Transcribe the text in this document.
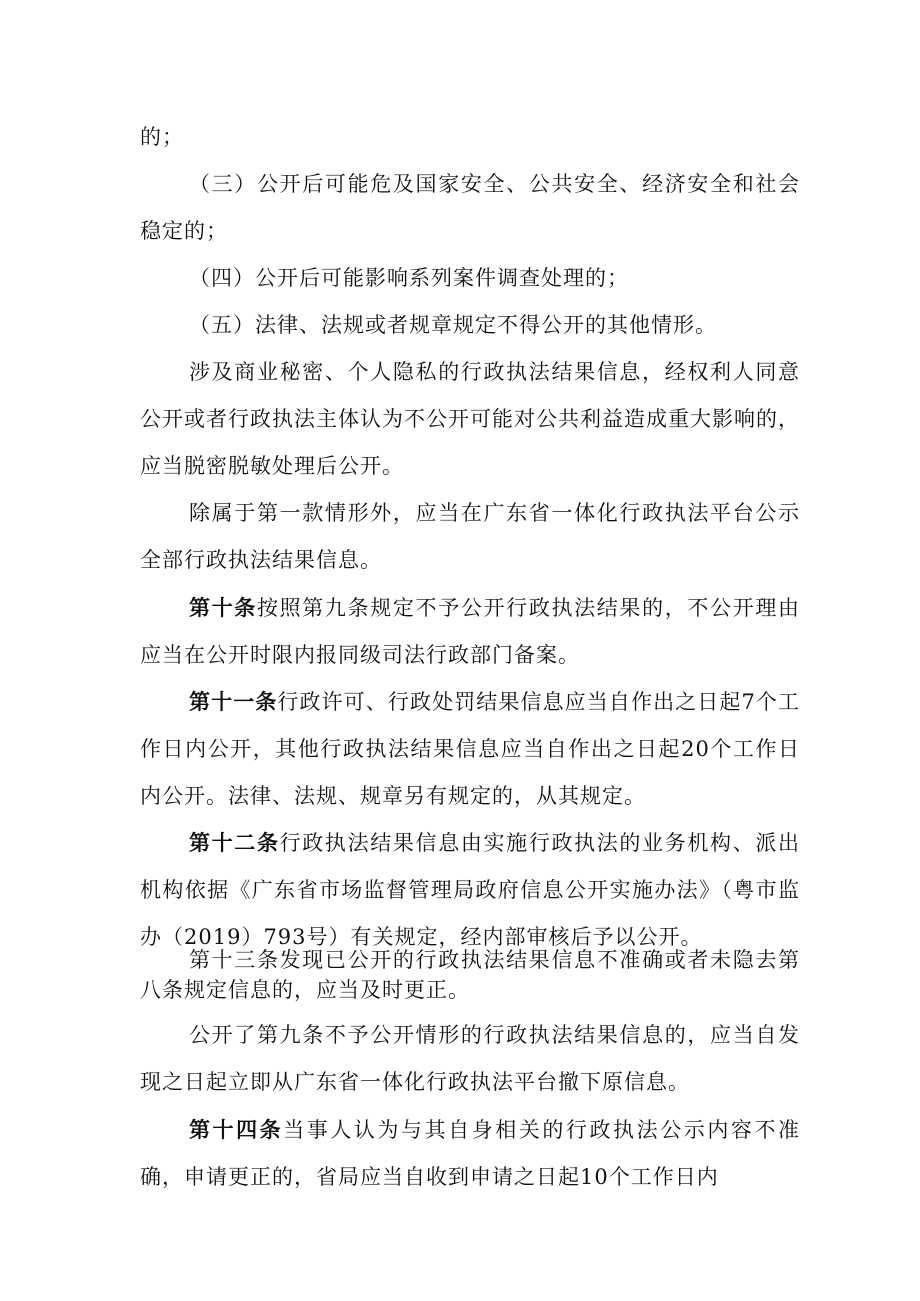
的；

（三）公开后可能危及国家安全、公共安全、经济安全和社会稳定的；

（四）公开后可能影响系列案件调查处理的；

（五）法律、法规或者规章规定不得公开的其他情形。

涉及商业秘密、个人隐私的行政执法结果信息，经权利人同意公开或者行政执法主体认为不公开可能对公共利益造成重大影响的，应当脱密脱敏处理后公开。

除属于第一款情形外，应当在广东省一体化行政执法平台公示全部行政执法结果信息。

第十条按照第九条规定不予公开行政执法结果的，不公开理由应当在公开时限内报同级司法行政部门备案。

第十一条行政许可、行政处罚结果信息应当自作出之日起7个工作日内公开，其他行政执法结果信息应当自作出之日起20个工作日内公开。法律、法规、规章另有规定的，从其规定。

第十二条行政执法结果信息由实施行政执法的业务机构、派出机构依据《广东省市场监督管理局政府信息公开实施办法》（粤市监办（2019）793号）有关规定，经内部审核后予以公开。

第十三条发现已公开的行政执法结果信息不准确或者未隐去第八条规定信息的，应当及时更正。

公开了第九条不予公开情形的行政执法结果信息的，应当自发现之日起立即从广东省一体化行政执法平台撤下原信息。

第十四条当事人认为与其自身相关的行政执法公示内容不准确，申请更正的，省局应当自收到申请之日起10个工作日内
